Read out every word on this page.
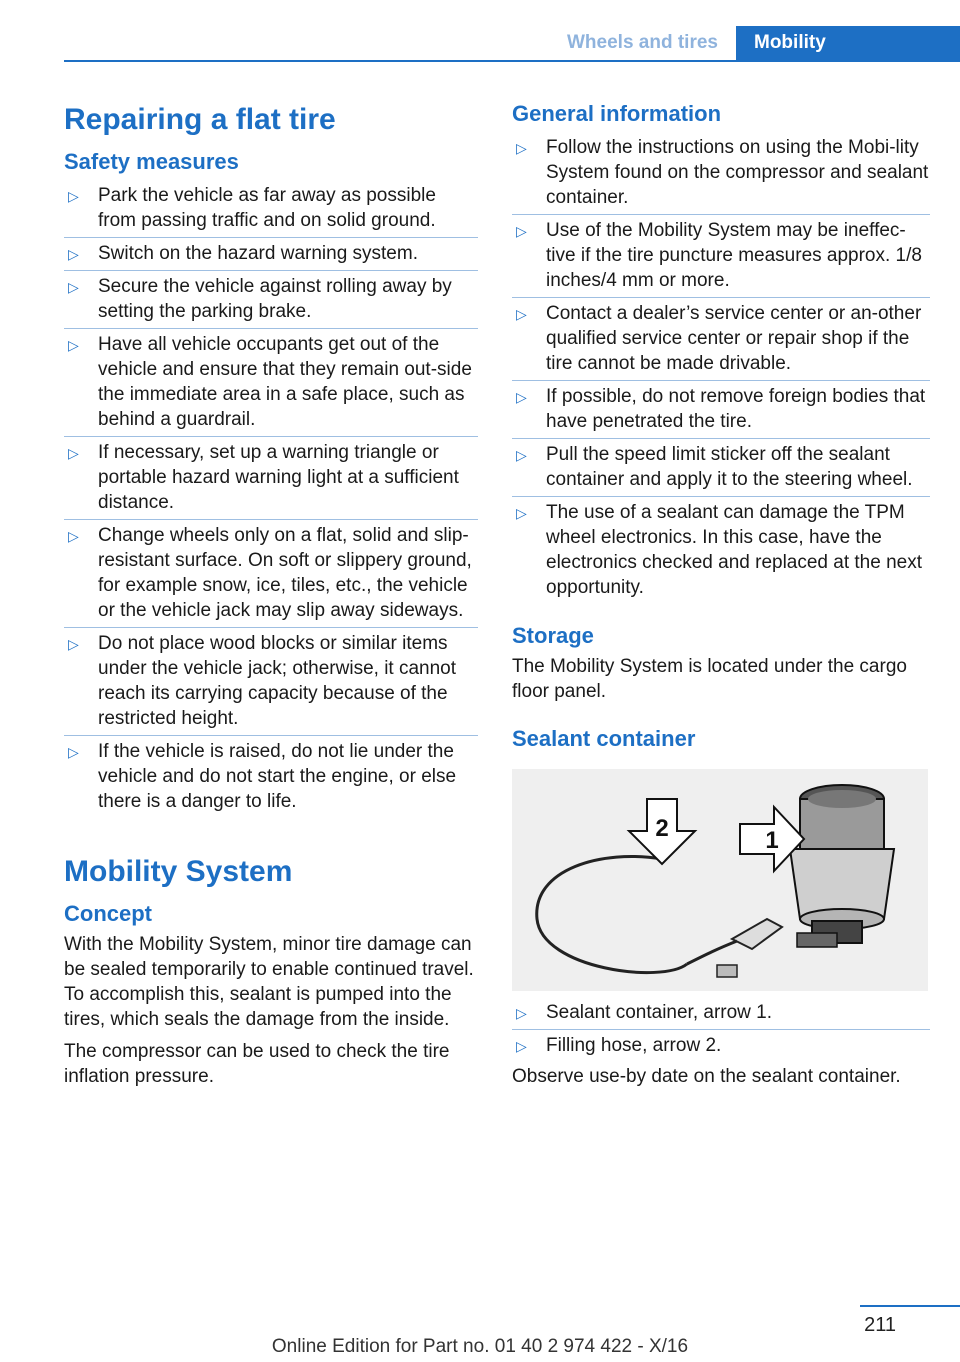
Wheels and tires	Mobility
Repairing a flat tire
Safety measures
▷ Park the vehicle as far away as possible from passing traffic and on solid ground.
▷ Switch on the hazard warning system.
▷ Secure the vehicle against rolling away by setting the parking brake.
▷ Have all vehicle occupants get out of the vehicle and ensure that they remain out-side the immediate area in a safe place, such as behind a guardrail.
▷ If necessary, set up a warning triangle or portable hazard warning light at a sufficient distance.
▷ Change wheels only on a flat, solid and slip-resistant surface. On soft or slippery ground, for example snow, ice, tiles, etc., the vehicle or the vehicle jack may slip away sideways.
▷ Do not place wood blocks or similar items under the vehicle jack; otherwise, it cannot reach its carrying capacity because of the restricted height.
▷ If the vehicle is raised, do not lie under the vehicle and do not start the engine, or else there is a danger to life.
Mobility System
Concept

With the Mobility System, minor tire damage can be sealed temporarily to enable continued travel. To accomplish this, sealant is pumped into the tires, which seals the damage from the inside.

The compressor can be used to check the tire inflation pressure.

General information
▷ Follow the instructions on using the Mobi-lity System found on the compressor and sealant container.
▷ Use of the Mobility System may be ineffec-tive if the tire puncture measures approx. 1/8 inches/4 mm or more.
▷ Contact a dealer’s service center or an-other qualified service center or repair shop if the tire cannot be made drivable.
▷ If possible, do not remove foreign bodies that have penetrated the tire.
▷ Pull the speed limit sticker off the sealant container and apply it to the steering wheel.
▷ The use of a sealant can damage the TPM wheel electronics. In this case, have the electronics checked and replaced at the next opportunity.
Storage

The Mobility System is located under the cargo floor panel.

Sealant container
2	1
▷ Sealant container, arrow 1.
▷ Filling hose, arrow 2.

Observe use-by date on the sealant container.

211
Online Edition for Part no. 01 40 2 974 422 - X/16
